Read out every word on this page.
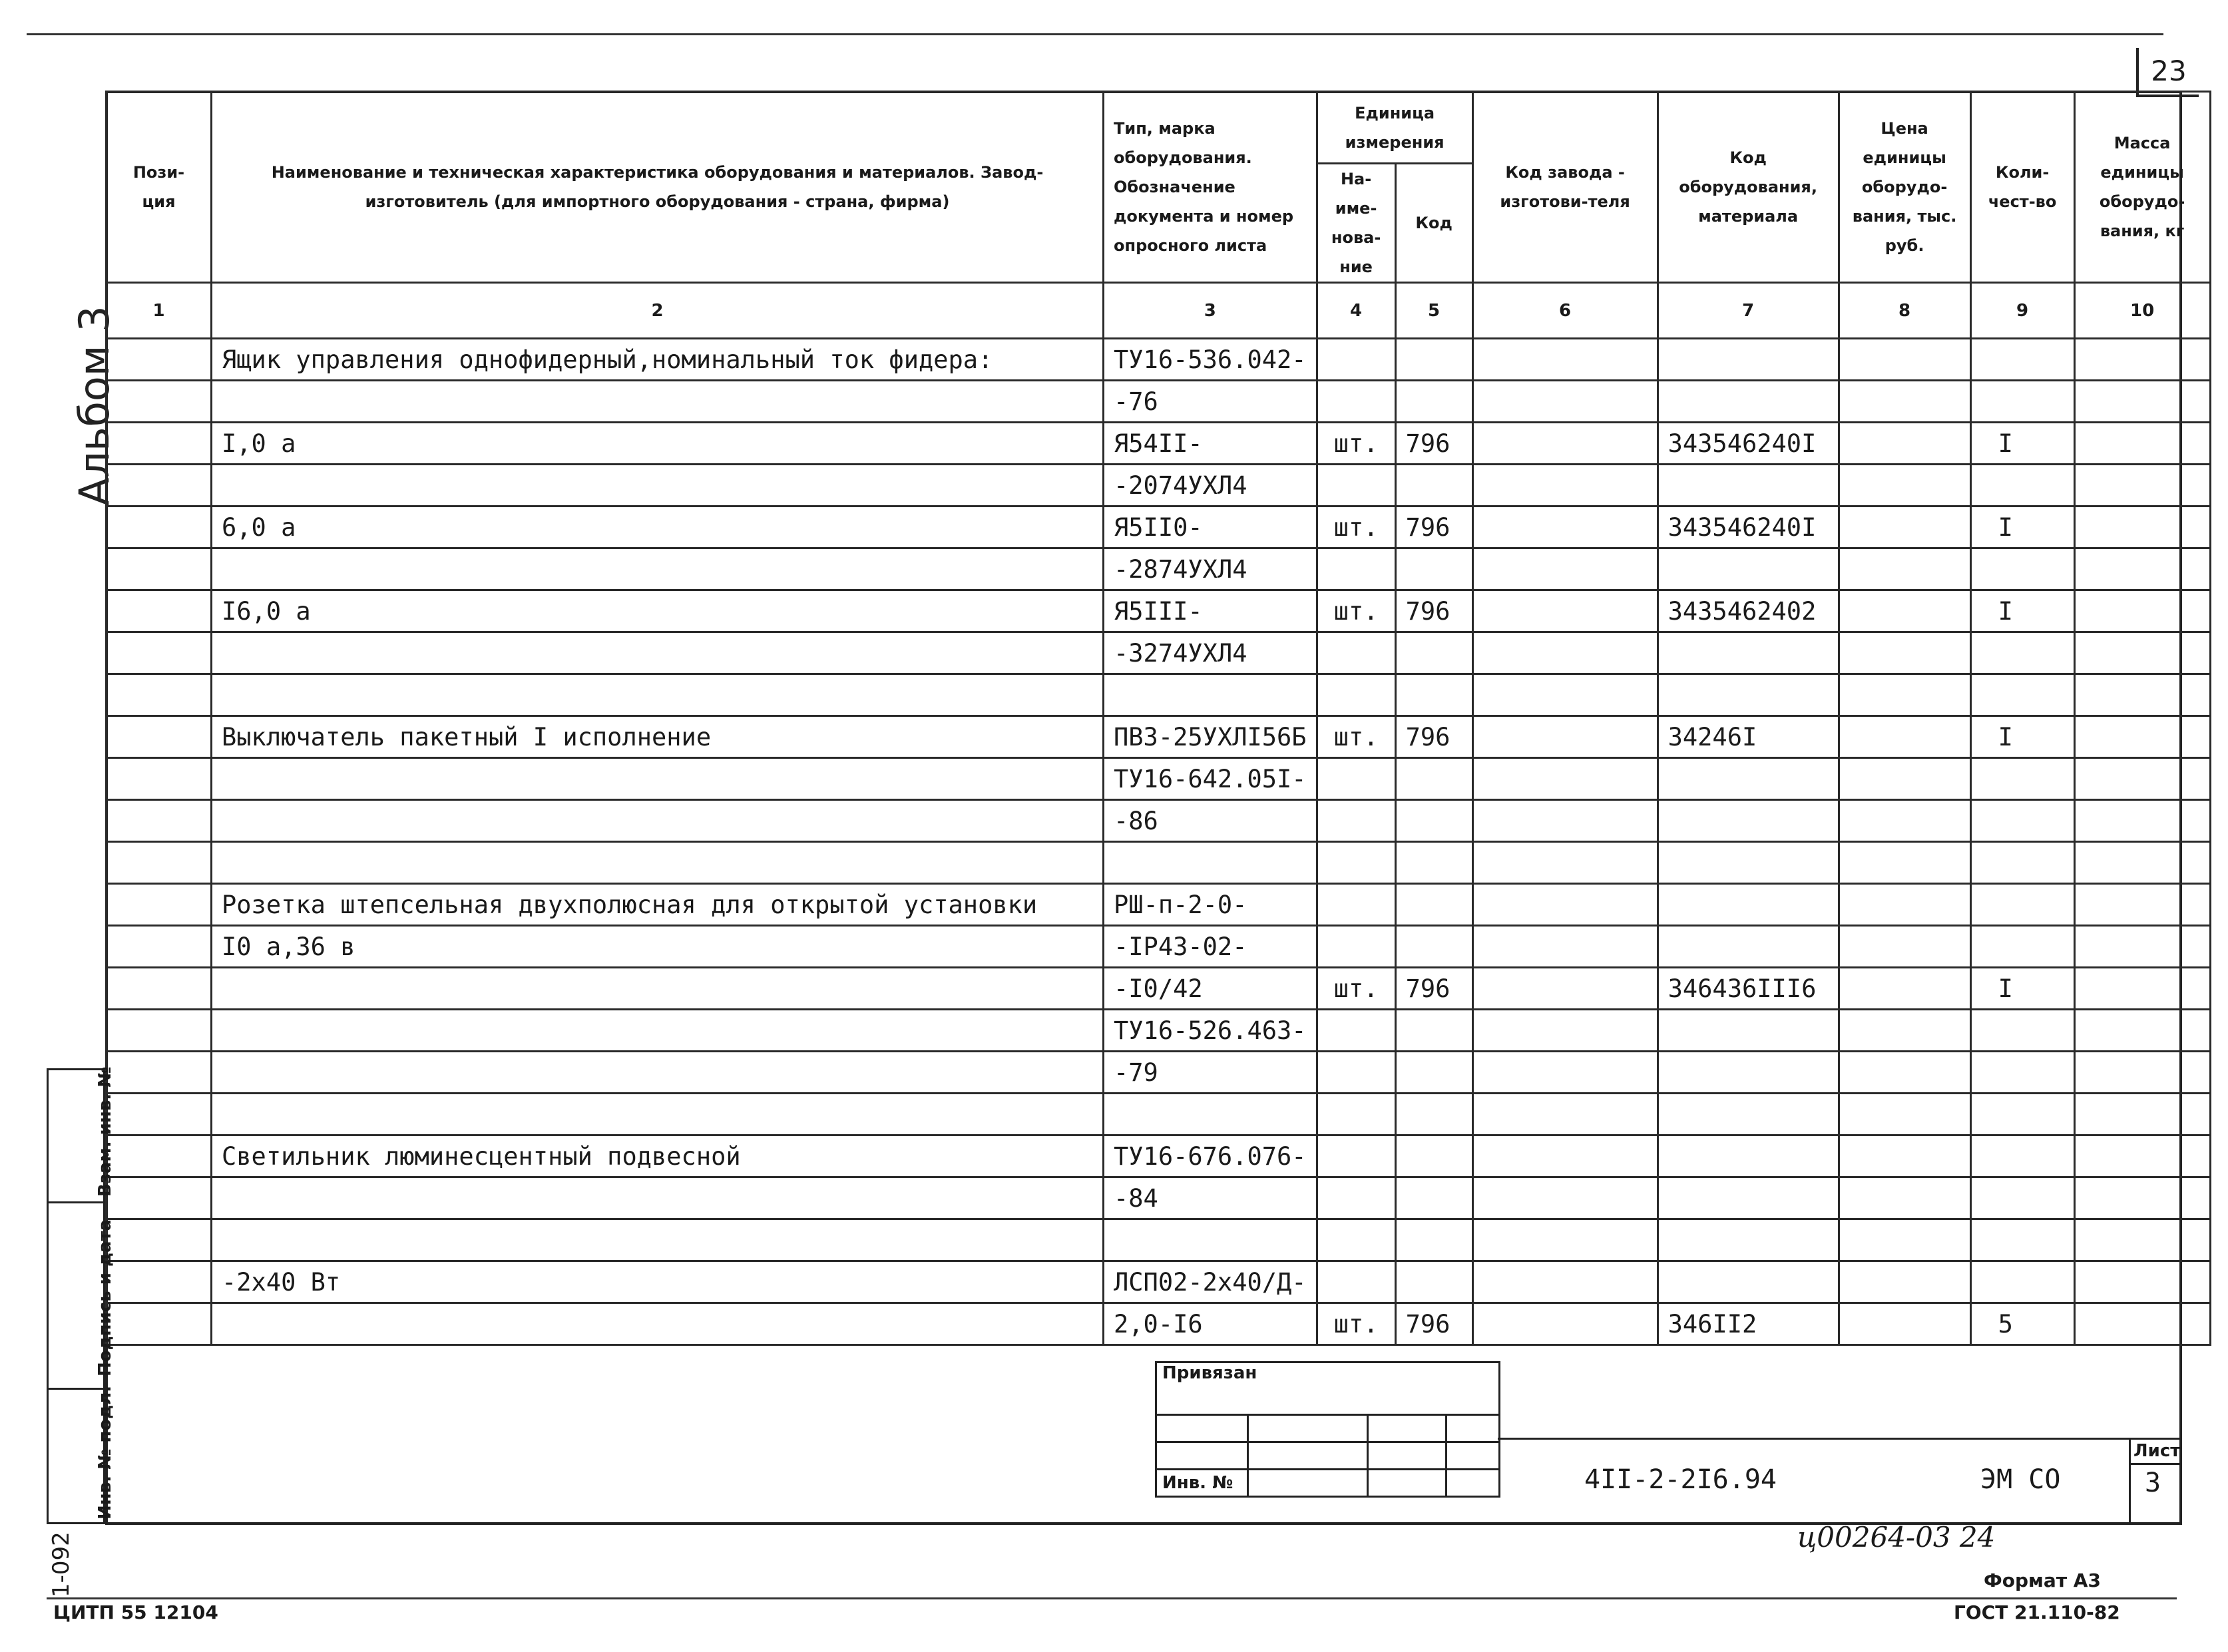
23
Альбом 3
1-092
Пози- ция	Наименование и техническая характеристика оборудования и материалов. Завод-изготовитель (для импортного оборудования - страна, фирма)	Тип, марка оборудования. Обозначение документа и номер опросного листа	Единица измерения		Код завода - изготови-теля	Код оборудования, материала	Цена единицы оборудо-вания, тыс. руб.	Коли-чест-во	Масса единицы оборудо-вания, кг
			На-име-нова-ние	Код					
1	2	3	4	5	6	7	8	9	10
	Ящик управления однофидерный,номинальный ток фидера:	ТУ16-536.042-							
		-76							
	I,0 а	Я54II-	шт.	796		343546240I		I	
		-2074УХЛ4							
	6,0 а	Я5II0-	шт.	796		343546240I		I	
		-2874УХЛ4							
	I6,0 а	Я5III-	шт.	796		3435462402		I	
		-3274УХЛ4							

	Выключатель пакетный I исполнение	ПВ3-25УХЛI56Б	шт.	796		34246I		I	
		ТУ16-642.05I-							
		-86							

	Розетка штепсельная двухполюсная для открытой установки	РШ-п-2-0-							
	I0 а,36 в	-IP43-02-							
		-I0/42	шт.	796		346436III6		I	
		ТУ16-526.463-							
		-79							

	Светильник люминесцентный подвесной	ТУ16-676.076-							
		-84							

	-2х40 Вт	ЛСП02-2х40/Д-							
		2,0-I6	шт.	796		346II2		5	
Взам. инв. №
Подпись и дата
Инв. № подл.
Привязан			

Инв. №				4II-2-2I6.94	ЭМ СО
Лист
3
ц00264-03 24
Формат А3
ЦИТП 55 12104	ГОСТ 21.110-82
